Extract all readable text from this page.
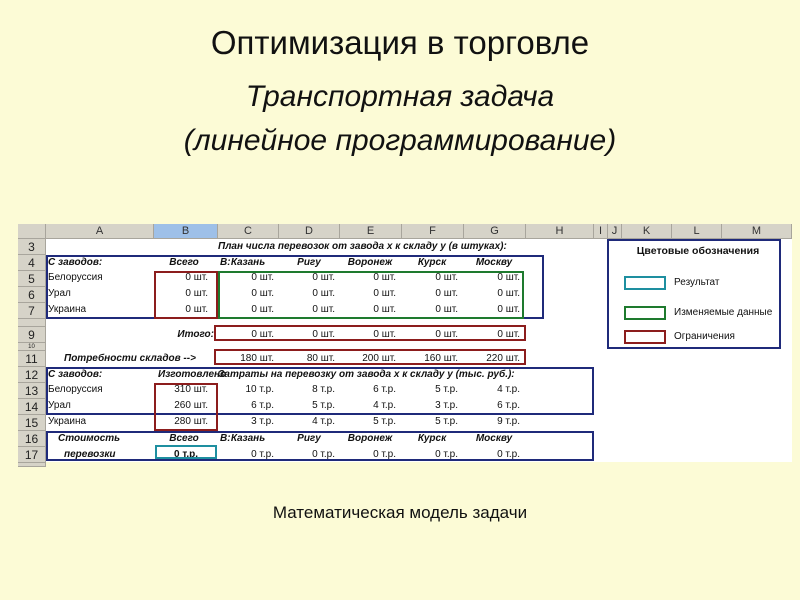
Оптимизация в торговле
Транспортная задача
(линейное программирование)
A	B	C	D	E	F	G	H	I J	K	L	M
3
4
5
6
7
9
10
11
12
13
14
15
16
17
План числа перевозок от завода х к складу у (в штуках):
С заводов:	Всего	В: Казань	Ригу	Воронеж	Курск	Москву
Белоруссия	0 шт.	0 шт.	0 шт.	0 шт.	0 шт.	0 шт.
Урал	0 шт.	0 шт.	0 шт.	0 шт.	0 шт.	0 шт.
Украина	0 шт.	0 шт.	0 шт.	0 шт.	0 шт.	0 шт.
Итого:	0 шт.	0 шт.	0 шт.	0 шт.	0 шт.
Потребности складов -->	180 шт.	80 шт.	200 шт.	160 шт.	220 шт.
С заводов:	Изготовлено
Затраты на перевозку от завода х к складу у (тыс. руб.):
Белоруссия	310 шт.	10 т.р.	8 т.р.	6 т.р.	5 т.р.	4 т.р.
Урал	260 шт.	6 т.р.	5 т.р.	4 т.р.	3 т.р.	6 т.р.
Украина	280 шт.	3 т.р.	4 т.р.	5 т.р.	5 т.р.	9 т.р.
Стоимость	Всего	В: Казань	Ригу	Воронеж	Курск	Москву
перевозки	0 т.р.	0 т.р.	0 т.р.	0 т.р.	0 т.р.	0 т.р.
Цветовые обозначения
Результат
Изменяемые данные
Ограничения
Математическая модель задачи
